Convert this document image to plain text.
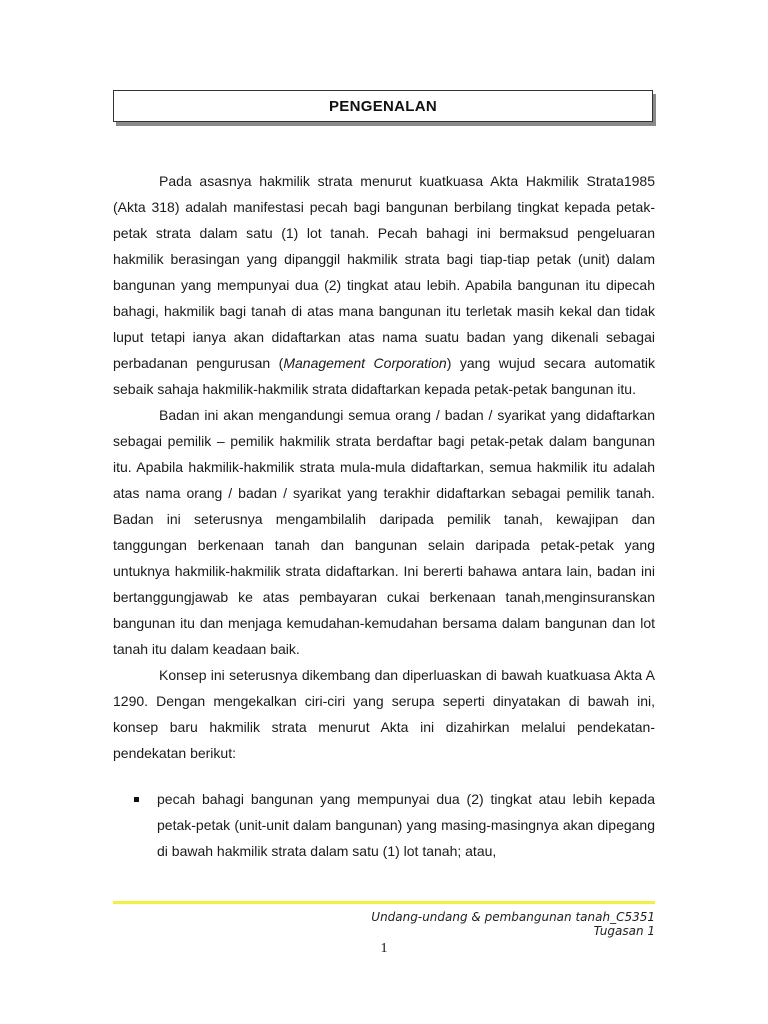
PENGENALAN

Pada asasnya hakmilik strata menurut kuatkuasa Akta Hakmilik Strata1985 (Akta 318) adalah manifestasi pecah bagi bangunan berbilang tingkat kepada petak-petak strata dalam satu (1) lot tanah. Pecah bahagi ini bermaksud pengeluaran hakmilik berasingan yang dipanggil hakmilik strata bagi tiap-tiap petak (unit) dalam bangunan yang mempunyai dua (2) tingkat atau lebih. Apabila bangunan itu dipecah bahagi, hakmilik bagi tanah di atas mana bangunan itu terletak masih kekal dan tidak luput tetapi ianya akan didaftarkan atas nama suatu badan yang dikenali sebagai perbadanan pengurusan (Management Corporation) yang wujud secara automatik sebaik sahaja hakmilik-hakmilik strata didaftarkan kepada petak-petak bangunan itu.

Badan ini akan mengandungi semua orang / badan / syarikat yang didaftarkan sebagai pemilik – pemilik hakmilik strata berdaftar bagi petak-petak dalam bangunan itu. Apabila hakmilik-hakmilik strata mula-mula didaftarkan, semua hakmilik itu adalah atas nama orang / badan / syarikat yang terakhir didaftarkan sebagai pemilik tanah. Badan ini seterusnya mengambilalih daripada pemilik tanah, kewajipan dan tanggungan berkenaan tanah dan bangunan selain daripada petak-petak yang untuknya hakmilik-hakmilik strata didaftarkan. Ini bererti bahawa antara lain, badan ini bertanggungjawab ke atas pembayaran cukai berkenaan tanah,menginsuranskan bangunan itu dan menjaga kemudahan-kemudahan bersama dalam bangunan dan lot tanah itu dalam keadaan baik.

Konsep ini seterusnya dikembang dan diperluaskan di bawah kuatkuasa Akta A 1290. Dengan mengekalkan ciri-ciri yang serupa seperti dinyatakan di bawah ini, konsep baru hakmilik strata menurut Akta ini dizahirkan melalui pendekatan-pendekatan berikut:

pecah bahagi bangunan yang mempunyai dua (2) tingkat atau lebih kepada petak-petak (unit-unit dalam bangunan) yang masing-masingnya akan dipegang di bawah hakmilik strata dalam satu (1) lot tanah; atau,
Undang-undang & pembangunan tanah_C5351
Tugasan 1
1
